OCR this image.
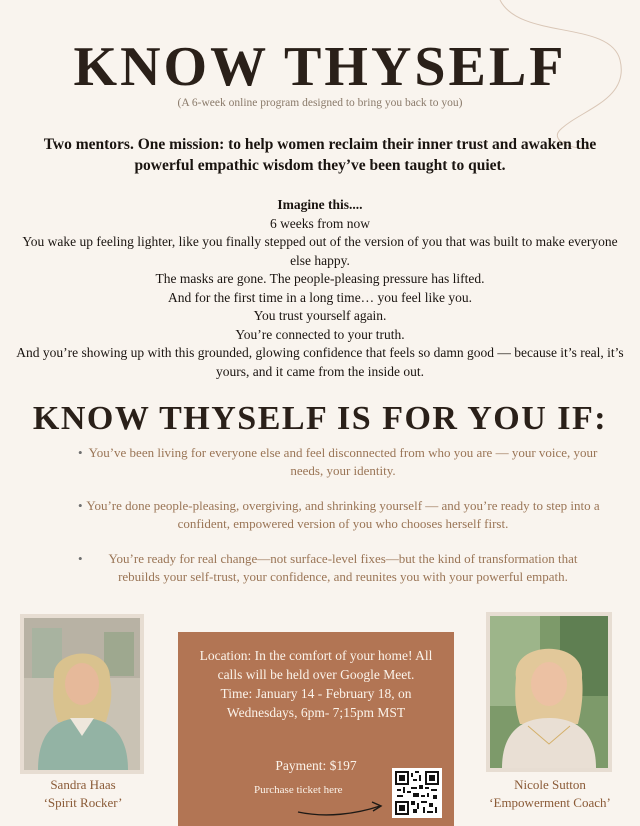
KNOW THYSELF
(A 6-week online program designed to bring you back to you)
Two mentors. One mission: to help women reclaim their inner trust and awaken the powerful empathic wisdom they’ve been taught to quiet.

Imagine this....

6 weeks from now

You wake up feeling lighter, like you finally stepped out of the version of you that was built to make everyone else happy.

The masks are gone. The people-pleasing pressure has lifted.

And for the first time in a long time… you feel like you.

You trust yourself again.

You’re connected to your truth.

And you’re showing up with this grounded, glowing confidence that feels so damn good — because it’s real, it’s yours, and it came from the inside out.

KNOW THYSELF IS FOR YOU IF:
• You’ve been living for everyone else and feel disconnected from who you are — your voice, your needs, your identity.
• You’re done people-pleasing, overgiving, and shrinking yourself — and you’re ready to step into a confident, empowered version of you who chooses herself first.
• You’re ready for real change—not surface-level fixes—but the kind of transformation that rebuilds your self-trust, your confidence, and reunites you with your powerful empath.
Sandra Haas
‘Spirit Rocker’
Location: In the comfort of your home! All calls will be held over Google Meet.
Time: January 14 - February 18, on Wednesdays, 6pm- 7;15pm MST
Payment: $197
Purchase ticket here	Nicole Sutton
‘Empowerment Coach’
